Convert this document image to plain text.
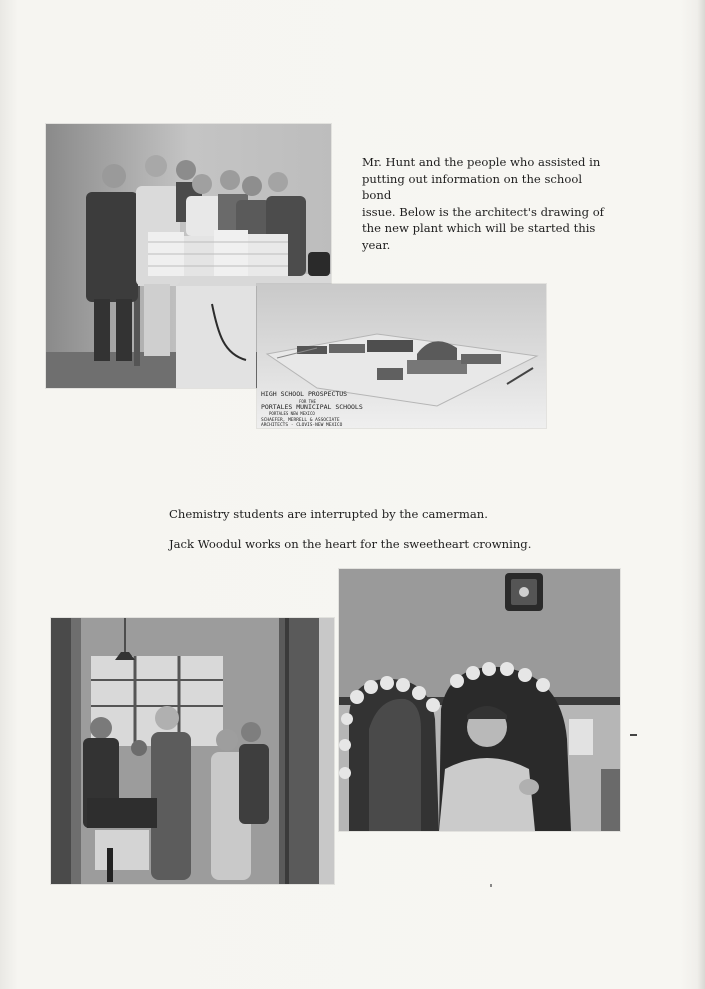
Mr. Hunt and the people who assisted in
putting out information on the school bond
issue. Below is the architect's drawing of
the new plant which will be started this
year.
HIGH SCHOOL PROSPECTUS
FOR THE
PORTALES MUNICIPAL SCHOOLS
PORTALES NEW MEXICO
SCHAEFER, MERRELL & ASSOCIATE
ARCHITECTS · CLOVIS·NEW MEXICO
Chemistry students are interrupted by the camerman.
Jack Woodul works on the heart for the sweetheart crowning.
